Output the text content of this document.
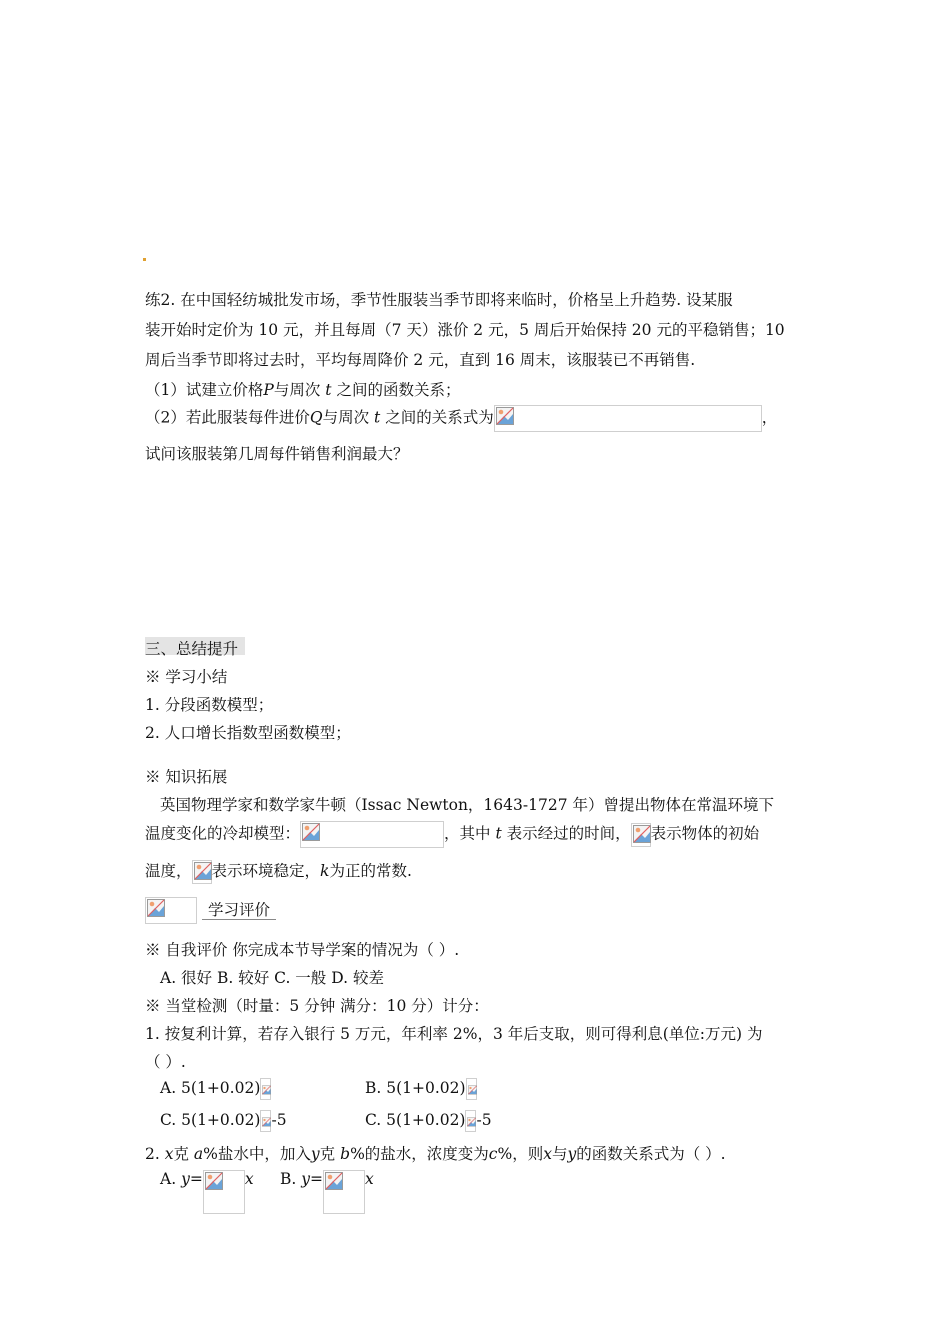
练2. 在中国轻纺城批发市场，季节性服装当季节即将来临时，价格呈上升趋势. 设某服
装开始时定价为 10 元，并且每周（7 天）涨价 2 元，5 周后开始保持 20 元的平稳销售；10
周后当季节即将过去时，平均每周降价 2 元，直到 16 周末，该服装已不再销售.
（1）试建立价格P与周次 t 之间的函数关系；
（2）若此服装每件进价Q与周次 t 之间的关系式为	，
试问该服装第几周每件销售利润最大？
三、总结提升
※ 学习小结
1. 分段函数模型；
2. 人口增长指数型函数模型；
※ 知识拓展
英国物理学家和数学家牛顿（Issac Newton，1643-1727 年）曾提出物体在常温环境下
温度变化的冷却模型：	，其中 t 表示经过的时间， 表示物体的初始
温度， 表示环境稳定，k为正的常数.
学习评价
※ 自我评价 你完成本节导学案的情况为（ ）.
A. 很好 B. 较好 C. 一般 D. 较差
※ 当堂检测（时量：5 分钟 满分：10 分）计分：
1. 按复利计算，若存入银行 5 万元，年利率 2%，3 年后支取，则可得利息(单位:万元) 为
（ ）.
A. 5(1+0.02)	B. 5(1+0.02)
C. 5(1+0.02) -5	C. 5(1+0.02) -5
2. x克 a%盐水中，加入y克 b%的盐水，浓度变为c%，则x与y的函数关系式为（ ）.
A. y=	x B. y=	x
